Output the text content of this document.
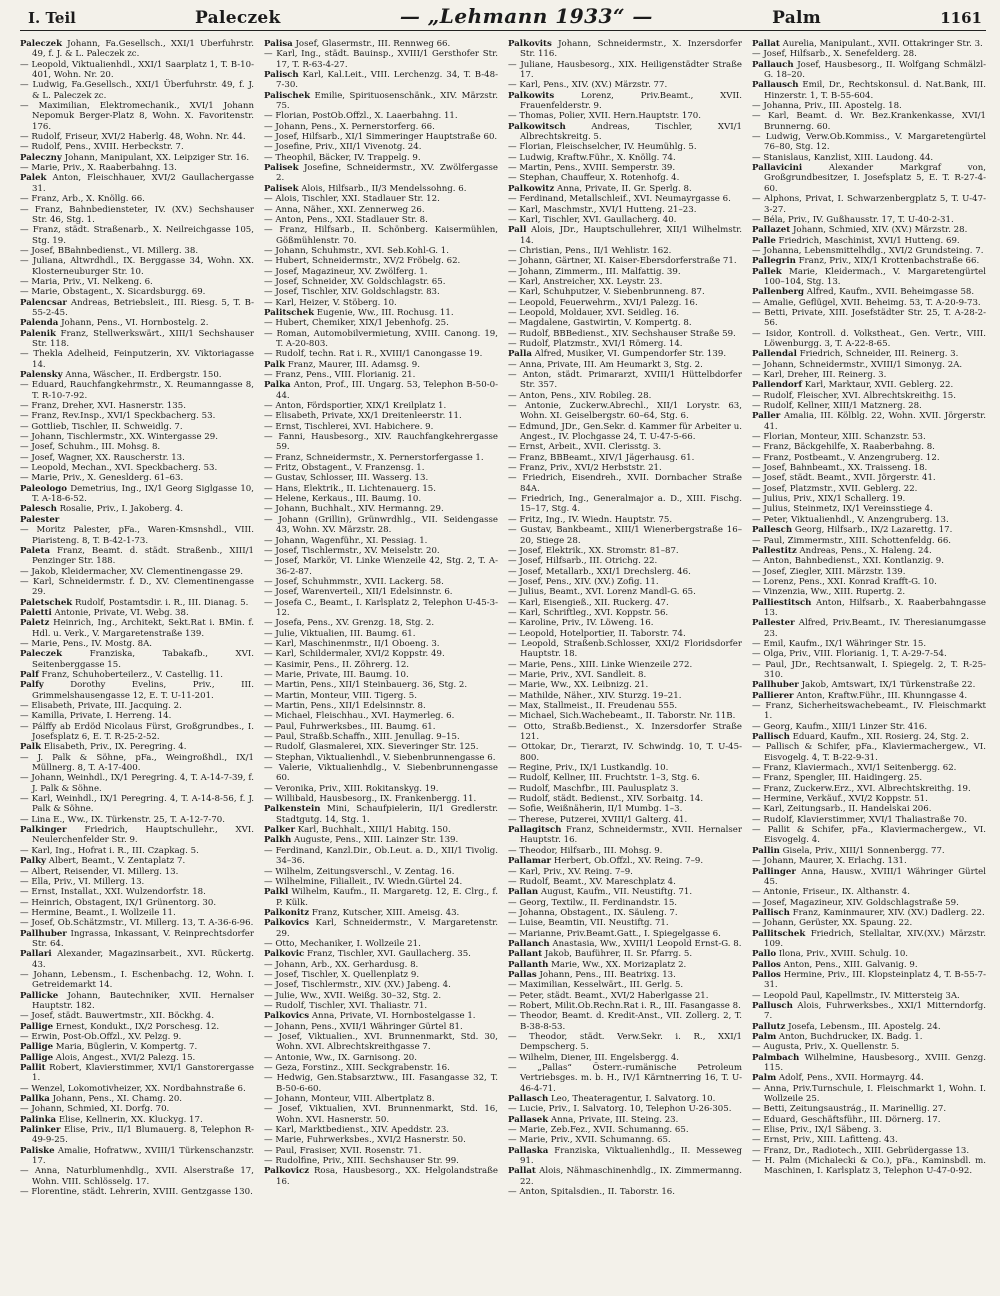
I. Teil	Paleczek	— „Lehmann 1933“ —	Palm	1161

Paleczek Johann, Fa.Gesellsch., XXI/1 Überfuhrstr. 49, f. J. & L. Paleczek zc.

— Leopold, Viktualienhdl., XXI/1 Saarplatz 1, T. B-10-401, Wohn. Nr. 20.

— Ludwig, Fa.Gesellsch., XXI/1 Überfuhrstr. 49, f. J. & L. Paleczek zc.

— Maximilian, Elektromechanik., XVI/1 Johann Nepomuk Berger-Platz 8, Wohn. X. Favoritenstr. 176.

— Rudolf, Friseur, XVI/2 Haberlg. 48, Wohn. Nr. 44.

— Rudolf, Pens., XVIII. Herbeckstr. 7.

Paleczny Johann, Manipulant, XX. Leipziger Str. 16.

— Marie, Priv., X. Raaberbahng. 13.

Palek Anton, Fleischhauer, XVI/2 Gaullachergasse 31.

— Franz, Arb., X. Knöllg. 66.

— Franz, Bahnbediensteter, IV. (XV.) Sechshauser Str. 46, Stg. 1.

— Franz, städt. Straßenarb., X. Neilreichgasse 105, Stg. 19.

— Josef, BBahnbedienst., VI. Millerg. 38.

— Juliana, Altwrdhdl., IX. Berggasse 34, Wohn. XX. Klosterneuburger Str. 10.

— Maria, Priv., VI. Nelkeng. 6.

— Marie, Obstagent., X. Sicardsburgg. 69.

Palencsar Andreas, Betriebsleit., III. Riesg. 5, T. B-55-2-45.

Palenda Johann, Pens., VI. Hornbostelg. 2.

Palenik Franz, Stellwerkswärt., XIII/1 Sechshauser Str. 118.

— Thekla Adelheid, Feinputzerin, XV. Viktoriagasse 14.

Palensky Anna, Wäscher., II. Erdbergstr. 150.

— Eduard, Rauchfangkehrmstr., X. Reumanngasse 8, T. R-10-7-92.

— Franz, Dreher, XVI. Hasnerstr. 135.

— Franz, Rev.Insp., XVI/1 Speckbacherg. 53.

— Gottlieb, Tischler, II. Schweidlg. 7.

— Johann, Tischlermstr., XX. Wintergasse 29.

— Josef, Schuhm., III. Mohsg. 8.

— Josef, Wagner, XX. Rauscherstr. 13.

— Leopold, Mechan., XVI. Speckbacherg. 53.

— Marie, Priv., X. Geneslderg. 61–63.

Paleologo Demetrius, Ing., IX/1 Georg Siglgasse 10, T. A-18-6-52.

Palesch Rosalie, Priv., I. Jakoberg. 4.

Palester

— Moritz Palester, pFa., Waren-Kmsnshdl., VIII. Piaristeng. 8, T. B-42-1-73.

Paleta Franz, Beamt. d. städt. Straßenb., XIII/1 Penzinger Str. 188.

— Jakob, Kleidermacher, XV. Clementinengasse 29.

— Karl, Schneidermstr. f. D., XV. Clementinengasse 29.

Paletschek Rudolf, Postamtsdir. i. R., III. Dianag. 5.

Paletti Antonie, Private, VI. Webg. 38.

Paletz Heinrich, Ing., Architekt, Sekt.Rat i. BMin. f. Hdl. u. Verk., V. Margaretenstraße 139.

— Marie, Pens., IV. Mostg. 8A.

Paleczek Franziska, Tabakafb., XVI. Seitenberggasse 15.

Palf Franz, Schuhoberteilerz., V. Castellig. 11.

Palfy Dorothy Evelins, Priv., III. Grimmelshausengasse 12, E. T. U-11-201.

— Elisabeth, Private, III. Jacquing. 2.

— Kamilla, Private, I. Herreng. 14.

— Pálffy ab Erdöd Nicolaus Fürst, Großgrundbes., I. Josefsplatz 6, E. T. R-25-2-52.

Palk Elisabeth, Priv., IX. Peregring. 4.

— J. Palk & Söhne, pFa., Weingroßhdl., IX/1 Müllnerg. 8, T. A-17-400.

— Johann, Weinhdl., IX/1 Peregring. 4, T. A-14-7-39, f. J. Palk & Söhne.

— Karl, Weinhdl., IX/1 Peregring. 4, T. A-14-8-56, f. J. Palk & Söhne.

— Lina E., Ww., IX. Türkenstr. 25, T. A-12-7-70.

Palkinger Friedrich, Hauptschullehr., XVI. Neulerchenfelder Str. 9.

— Karl, Ing., Hofrat i. R., III. Czapkag. 5.

Palky Albert, Beamt., V. Zentaplatz 7.

— Albert, Reisender, VI. Millerg. 13.

— Ella, Priv., VI. Millerg. 13.

— Ernst, Installat., XXI. Wulzendorfstr. 18.

— Heinrich, Obstagent, IX/1 Grünentorg. 30.

— Hermine, Beamt., I. Wollzeile 11.

— Josef, Ob.Schätzmstr., VI. Millerg. 13, T. A-36-6-96.

Pallhuber Ingrassa, Inkassant, V. Reinprechtsdorfer Str. 64.

Pallari Alexander, Magazinsarbeit., XVI. Rückertg. 43.

— Johann, Lebensm., I. Eschenbachg. 12, Wohn. I. Getreidemarkt 14.

Pallicke Johann, Bautechniker, XVII. Hernalser Hauptstr. 182.

— Josef, städt. Bauwertmstr., XII. Böckhg. 4.

Pallige Ernest, Kondukt., IX/2 Porschesg. 12.

— Erwin, Post-Ob.Offzl., XV. Pelzg. 9.

Pallige Maria, Büglerin, V. Kompertg. 7.

Pallige Alois, Angest., XVI/2 Palezg. 15.

Pallit Robert, Klavierstimmer, XVI/1 Ganstorergasse 1.

— Wenzel, Lokomotivheizer, XX. Nordbahnstraße 6.

Pallka Johann, Pens., XI. Chamg. 20.

— Johann, Schmied, XI. Dorfg. 70.

Palinka Elise, Kellnerin, XX. Kluckyg. 17.

Palinker Elise, Priv., II/1 Blumauerg. 8, Telephon R-49-9-25.

Paliske Amalie, Hofratww., XVIII/1 Türkenschanzstr. 17.

— Anna, Naturblumenhdlg., XVII. Alserstraße 17, Wohn. VIII. Schlösselg. 17.

— Florentine, städt. Lehrerin, XVIII. Gentzgasse 130.

Palisa Josef, Glasermstr., III. Rennweg 66.

— Karl, Ing., städt. Bauinsp., XVIII/1 Gersthofer Str. 17, T. R-63-4-27.

Palisch Karl, Kal.Leit., VIII. Lerchenzg. 34, T. B-48-7-30.

Palischek Emilie, Spirituosenschänk., XIV. Märzstr. 75.

— Florian, PostOb.Offzl., X. Laaerbahng. 11.

— Johann, Pens., X. Pernerstorferg. 66.

— Josef, Hilfsarb., XI/1 Simmeringer Hauptstraße 60.

— Josefine, Priv., XII/1 Vivenotg. 24.

— Theophil, Bäcker, IV. Trappelg. 9.

Palisek Josefine, Schneidermstr., XV. Zwölfergasse 2.

Palisek Alois, Hilfsarb., II/3 Mendelssohng. 6.

— Alois, Tischler, XXI. Stadlauer Str. 12.

— Anna, Näher., XXI. Zennerweg 26.

— Anton, Pens., XXI. Stadlauer Str. 8.

— Franz, Hilfsarb., II. Schönberg. Kaisermühlen, Gößmühlenstr. 70.

— Johann, Schuhmstr., XVI. Seb.Kohl-G. 1.

— Hubert, Schneidermstr., XV/2 Fröbelg. 62.

— Josef, Magazineur, XV. Zwölferg. 1.

— Josef, Schneider, XV. Goldschlagstr. 65.

— Josef, Tischler, XIV. Goldschlagstr. 83.

— Karl, Heizer, V. Stöberg. 10.

Palitschek Eugenie, Ww., III. Rochusg. 11.

— Hubert, Chemiker, XIX/1 Jebenhofg. 25.

— Roman, Automobilvermietung, XVIII. Canong. 19, T. A-20-803.

— Rudolf, techn. Rat i. R., XVIII/1 Canongasse 19.

Palk Franz, Maurer, III. Adamsg. 9.

— Franz, Pens., VIII. Florianig. 21.

Palka Anton, Prof., III. Ungarg. 53, Telephon B-50-0-44.

— Anton, Fördsportier, XIX/1 Kreilplatz 1.

— Elisabeth, Private, XX/1 Dreitenleerstr. 11.

— Ernst, Tischlerei, XVI. Habichere. 9.

— Fanni, Hausbesorg., XIV. Rauchfangkehrergasse 59.

— Franz, Schneidermstr., X. Pernerstorfergasse 1.

— Fritz, Obstagent., V. Franzensg. 1.

— Gustav, Schlosser, III. Wasserg. 13.

— Hans, Elektrik., II. Lichtenauerg. 15.

— Helene, Kerkaus., III. Baumg. 10.

— Johann, Buchhalt., XIV. Hermanng. 29.

— Johann (Grillin), Grünwrdhlg., VII. Seidengasse 43, Wohn. XV. Märzstr. 28.

— Johann, Wagenführ., XI. Pessiag. 1.

— Josef, Tischlermstr., XV. Meiselstr. 20.

— Josef, Markör, VI. Linke Wienzeile 42, Stg. 2, T. A-36-2-87.

— Josef, Schuhmmstr., XVII. Lackerg. 58.

— Josef, Warenverteil., XII/1 Edelsinnstr. 6.

— Josefa C., Beamt., I. Karlsplatz 2, Telephon U-45-3-12.

— Josefa, Pens., XV. Grenzg. 18, Stg. 2.

— Julie, Viktualien, III. Baumg. 61.

— Karl, Maschinenmstr., II/1 Oboeng. 3.

— Karl, Schildermaler, XVI/2 Koppstr. 49.

— Kasimir, Pens., II. Zöhrerg. 12.

— Marie, Private, III. Baumg. 10.

— Martin, Pens., XII/1 Steinbauerg. 36, Stg. 2.

— Martin, Monteur, VIII. Tigerg. 5.

— Martin, Pens., XII/1 Edelsinnstr. 8.

— Michael, Fleischhau., XVI. Haymerleg. 6.

— Paul, Fuhrwerksbes., III. Baumg. 61.

— Paul, Straßb.Schaffn., XIII. Jenullag. 9–15.

— Rudolf, Glasmalerei, XIX. Sieveringer Str. 125.

— Stephan, Viktualienhdl., V. Siebenbrunnengasse 6.

— Valerie, Viktualienhdlg., V. Siebenbrunnengasse 60.

— Veronika, Priv., XIII. Rokitanskyg. 19.

— Willibald, Hausbesorg., IX. Frankenbergg. 11.

Palkenstein Mini, Schaufpielerin, II/1 Gredlerstr. Stadtgutg. 14, Stg. 1.

Palker Karl, Buchhalt., XIII/1 Habitg. 150.

Palkh Auguste, Pens., XIII. Lainzer Str. 139.

— Ferdinand, Kanzl.Dir., Ob.Leut. a. D., XII/1 Tivolig. 34–36.

— Wilhelm, Zeitungsverschl., V. Zentag. 16.

— Wilhelmine, Filialleit., IV. Wiedn.Gürtel 24.

Palkl Wilhelm, Kaufm., II. Margaretg. 12, E. Clrg., f. P. Külk.

Palkonitz Franz, Kutscher, XIII. Ameisg. 43.

Palkovics Karl, Schneidermstr., V. Margaretenstr. 29.

— Otto, Mechaniker, I. Wollzeile 21.

Palkovic Franz, Tischler, XVI. Gaullacherg. 35.

— Johann, Arb., XX. Gerhardusg. 8.

— Josef, Tischler, X. Quellenplatz 9.

— Josef, Tischlermstr., XIV. (XV.) Jabeng. 4.

— Julie, Ww., XVII. Weißg. 30–32, Stg. 2.

— Rudolf, Tischler, XVI. Thaliastr. 71.

Palkovics Anna, Private, VI. Hornbostelgasse 1.

— Johann, Pens., XVII/1 Währinger Gürtel 81.

— Josef, Viktualien., XVI. Brunnenmarkt, Std. 30, Wohn. XVI. Albrechtskreithgasse 7.

— Antonie, Ww., IX. Garnisong. 20.

— Geza, Forstinz., XIII. Seckgrabenstr. 16.

— Hedwig, Gen.Stabsarztww., III. Fasangasse 32, T. B-50-6-60.

— Johann, Monteur, VIII. Albertplatz 8.

— Josef, Viktualien, XVI. Brunnenmarkt, Std. 16, Wohn. XVI. Hasnerstr. 50.

— Karl, Marktbedienst., XIV. Apeddstr. 23.

— Marie, Fuhrwerksbes., XVI/2 Hasnerstr. 50.

— Paul, Frasiser, XVII. Rosenstr. 71.

— Rudolfine, Priv., XIII. Sechshauser Str. 99.

Palkovicz Rosa, Hausbesorg., XX. Helgolandstraße 16.

Palkovits Johann, Schneidermstr., X. Inzersdorfer Str. 116.

— Juliane, Hausbesorg., XIX. Heiligenstädter Straße 17.

— Karl, Pens., XIV. (XV.) Märzstr. 77.

Palkowits Lorenz, Priv.Beamt., XVII. Frauenfelderstr. 9.

— Thomas, Polier, XVII. Hern.Hauptstr. 170.

Palkowitsch Andreas, Tischler, XVI/1 Albrechtskreitg. 5.

— Florian, Fleischselcher, IV. Heumühlg. 5.

— Ludwig, Kraftw.Führ., X. Knöllg. 74.

— Martin, Pens., XVIII. Semperstr. 39.

— Stephan, Chauffeur, X. Rotenhofg. 4.

Palkowitz Anna, Private, II. Gr. Sperlg. 8.

— Ferdinand, Metallschleif., XVI. Neumayrgasse 6.

— Karl, Maschmstr., XVI/1 Hutteng. 21–23.

— Karl, Tischler, XVI. Gaullacherg. 40.

Pall Alois, JDr., Hauptschullehrer, XII/1 Wilhelmstr. 14.

— Christian, Pens., II/1 Wehlistr. 162.

— Johann, Gärtner, XI. Kaiser-Ebersdorferstraße 71.

— Johann, Zimmerm., III. Malfattig. 39.

— Karl, Anstreicher, XX. Leystr. 23.

— Karl, Schuhputzer, V. Siebenbrunneng. 87.

— Leopold, Feuerwehrm., XVI/1 Palezg. 16.

— Leopold, Moldauer, XVI. Seidleg. 16.

— Magdalene, Gastwirtin, V. Kompertg. 8.

— Rudolf, BBBedienst., XIV. Sechshauser Straße 59.

— Rudolf, Platzmstr., XVI/1 Römerg. 14.

Palla Alfred, Musiker, VI. Gumpendorfer Str. 139.

— Anna, Private, III. Am Heumarkt 3, Stg. 2.

— Anton, städt. Primararzt, XVIII/1 Hüttelbdorfer Str. 357.

— Anton, Pens., XIV. Robileg. 28.

— Antonie, Zuckerw.Abrechl., XII/1 Lorystr. 63, Wohn. XI. Geiselbergstr. 60–64, Stg. 6.

— Edmund, JDr., Gen.Sekr. d. Kammer für Arbeiter u. Angest., IV. Plochgasse 24, T. U-47-5-66.

— Ernst, Arbeit., XVII. Clerisstg. 3.

— Franz, BBBeamt., XIV/1 Jägerhausg. 61.

— Franz, Priv., XVI/2 Herbststr. 21.

— Friedrich, Eisendreh., XVII. Dornbacher Straße 84A.

— Friedrich, Ing., Generalmajor a. D., XIII. Fischg. 15–17, Stg. 4.

— Fritz, Ing., IV. Wiedn. Hauptstr. 75.

— Gustav, Bankbeamt., XIII/1 Wienerbergstraße 16–20, Stiege 28.

— Josef, Elektrik., XX. Stromstr. 81–87.

— Josef, Hilfsarb., III. Otrichg. 22.

— Josef, Metallarb., XXI/1 Drechslerg. 46.

— Josef, Pens., XIV. (XV.) Zofig. 11.

— Julius, Beamt., XVI. Lorenz Mandl-G. 65.

— Karl, Eisengieß., XII. Ruckerg. 47.

— Karl, Schriftleg., XVI. Koppstr. 56.

— Karoline, Priv., IV. Löweng. 16.

— Leopold, Hotelportier, II. Taborstr. 74.

— Leopold, Straßenb.Schlosser, XXI/2 Floridsdorfer Hauptstr. 18.

— Marie, Pens., XIII. Linke Wienzeile 272.

— Marie, Priv., XVI. Sandleit. 8.

— Marie, Ww., XX. Leibnizg. 21.

— Mathilde, Näher., XIV. Sturzg. 19–21.

— Max, Stallmeist., II. Freudenau 555.

— Michael, Sich.Wachebeamt., II. Taborstr. Nr. 11B.

— Otto, Straßb.Bedienst., X. Inzersdorfer Straße 121.

— Ottokar, Dr., Tierarzt, IV. Schwindg. 10, T. U-45-800.

— Regine, Priv., IX/1 Lustkandlg. 10.

— Rudolf, Kellner, III. Fruchtstr. 1–3, Stg. 6.

— Rudolf, Maschfbr., III. Paulusplatz 3.

— Rudolf, städt. Bedienst., XIV. Sorbaitg. 14.

— Sofie, Weißnäherin, II/1 Mumbg. 1–3.

— Therese, Putzerei, XVIII/1 Galterg. 41.

Pallagitsch Franz, Schneidermstr., XVII. Hernalser Hauptstr. 16.

— Theodor, Hilfsarb., III. Mohsg. 9.

Pallamar Herbert, Ob.Offzl., XV. Reing. 7–9.

— Karl, Priv., XV. Reing. 7–9.

— Rudolf, Beamt., XV. Mareschplatz 4.

Pallan August, Kaufm., VII. Neustiftg. 71.

— Georg, Textilw., II. Ferdinandstr. 15.

— Johanna, Obstagent., IX. Säuleng. 7.

— Luise, Beamtin, VII. Neustiftg. 71.

— Marianne, Priv.Beamt.Gatt., I. Spiegelgasse 6.

Pallanch Anastasia, Ww., XVIII/1 Leopold Ernst-G. 8.

Pallant Jakob, Bauführer, II. Sr. Pfarrg. 5.

Pallanth Marie, Ww., XX. Morizaplatz 2.

Pallas Johann, Pens., III. Beatrixg. 13.

— Maximilian, Kesselwärt., III. Gerlg. 5.

— Peter, städt. Beamt., XVI/2 Haberlgasse 21.

— Robert, Milit.Ob.Rechn.Rat i. R., III. Fasangasse 8.

— Theodor, Beamt. d. Kredit-Anst., VII. Zollerg. 2, T. B-38-8-53.

— Theodor, städt. Verw.Sekr. i. R., XXI/1 Dempscherg. 5.

— Wilhelm, Diener, III. Engelsbergg. 4.

— „Pallas“ Österr.-rumänische Petroleum Vertriebsges. m. b. H., IV/1 Kärntnerring 16, T. U-46-4-71.

Pallasch Leo, Theateragentur, I. Salvatorg. 10.

— Lucie, Priv., I. Salvatorg. 10, Telephon U-26-305.

Pallasek Anna, Private, III. Steing. 23.

— Marie, Zeb.Fez., XVII. Schumanng. 65.

— Marie, Priv., XVII. Schumanng. 65.

Pallaska Franziska, Viktualienhdlg., II. Messeweg 91.

Pallat Alois, Nähmaschinenhdlg., IX. Zimmermanng. 22.

— Anton, Spitalsdien., II. Taborstr. 16.

Pallat Aurelia, Manipulant., XVII. Ottakringer Str. 3.

— Josef, Hilfsarb., X. Senefelderg. 28.

Pallauch Josef, Hausbesorg., II. Wolfgang Schmälzl-G. 18–20.

Pallausch Emil, Dr., Rechtskonsul. d. Nat.Bank, III. Hinzerstr. 1, T. B-55-604.

— Johanna, Priv., III. Apostelg. 18.

— Karl, Beamt. d. Wr. Bez.Krankenkasse, XVI/1 Brunnerng. 60.

— Ludwig, Verw.Ob.Kommiss., V. Margaretengürtel 76–80, Stg. 12.

— Stanislaus, Kanzlist, XIII. Laudong. 44.

Pallavicini Alexander Markgraf von, Großgrundbesitzer, I. Josefsplatz 5, E. T. R-27-4-60.

— Alphons, Privat, I. Schwarzenbergplatz 5, T. U-47-3-27.

— Béla, Priv., IV. Gußhausstr. 17, T. U-40-2-31.

Pallazet Johann, Schmied, XIV. (XV.) Märzstr. 28.

Palle Friedrich, Maschinist, XVI/1 Hutteng. 69.

— Johanna, Lebensmittelhdlg., XVI/2 Grundsteing. 7.

Pallegrin Franz, Priv., XIX/1 Krottenbachstraße 66.

Pallek Marie, Kleidermach., V. Margaretengürtel 100–104, Stg. 13.

Pallenberg Alfred, Kaufm., XVII. Beheimgasse 58.

— Amalie, Geflügel, XVII. Beheimg. 53, T. A-20-9-73.

— Betti, Private, XIII. Josefstädter Str. 25, T. A-28-2-56.

— Isidor, Kontroll. d. Volkstheat., Gen. Vertr., VIII. Löwenburgg. 3, T. A-22-8-65.

Pallendal Friedrich, Schneider, III. Reinerg. 3.

— Johann, Schneidermstr., XVIII/1 Simonyg. 2A.

— Karl, Dreher, III. Reinerg. 3.

Pallendorf Karl, Marktaur, XVII. Geblerg. 22.

— Rudolf, Fleischer, XVI. Albrechtskreithg. 15.

— Rudolf, Kellner, XIII/1 Matznerg. 28.

Paller Amalia, III. Kölblg. 22, Wohn. XVII. Jörgerstr. 41.

— Florian, Monteur, XIII. Schanzstr. 53.

— Franz, Bäckgehilfe, X. Raaberbahng. 8.

— Franz, Postbeamt., V. Anzengruberg. 12.

— Josef, Bahnbeamt., XX. Traisseng. 18.

— Josef, städt. Beamt., XVII. Jörgerstr. 41.

— Josef, Platzmstr., XVII. Geblerg. 22.

— Julius, Priv., XIX/1 Schallerg. 19.

— Julius, Steinmetz, IX/1 Vereinsstiege 4.

— Peter, Viktualienhdl., V. Anzengruberg. 13.

Pallesch Georg, Hilfsarb., IX/2 Lazarettg. 17.

— Paul, Zimmermstr., XIII. Schottenfeldg. 66.

Pallestitz Andreas, Pens., X. Haleng. 24.

— Anton, Bahnbedienst., XXI. Kontlanzig. 9.

— Josef, Ziegler, XIII. Märzstr. 139.

— Lorenz, Pens., XXI. Konrad Krafft-G. 10.

— Vinzenzia, Ww., XIII. Rupertg. 2.

Palliestitsch Anton, Hilfsarb., X. Raaberbahngasse 13.

Pallester Alfred, Priv.Beamt., IV. Theresianumgasse 23.

— Emil, Kaufm., IX/1 Währinger Str. 15.

— Olga, Priv., VIII. Florianig. 1, T. A-29-7-54.

— Paul, JDr., Rechtsanwalt, I. Spiegelg. 2, T. R-25-310.

Pallhuber Jakob, Amtswart, IX/1 Türkenstraße 22.

Pallierer Anton, Kraftw.Führ., III. Khunngasse 4.

— Franz, Sicherheitswachebeamt., IV. Fleischmarkt 1.

— Georg, Kaufm., XIII/1 Linzer Str. 416.

Pallisch Eduard, Kaufm., XII. Rosierg. 24, Stg. 2.

— Pallisch & Schifer, pFa., Klaviermachergew., VI. Eisvogelg. 4, T. B-22-9-31.

— Franz, Klaviermach., XVI/1 Seitenbergg. 62.

— Franz, Spengler, III. Haidingerg. 25.

— Franz, Zuckerw.Erz., XVI. Albrechtskreithg. 19.

— Hermine, Verkäuf., XVI/2 Koppstr. 51.

— Karl, Zeitungsarb., II. Handelskai 206.

— Rudolf, Klavierstimmer, XVI/1 Thaliastraße 70.

— Pallit & Schifer, pFa., Klaviermachergew., VI. Eisvogelg. 4.

Pallin Gisela, Priv., XIII/1 Sonnenbergg. 77.

— Johann, Maurer, X. Erlachg. 131.

Pallinger Anna, Hausw., XVIII/1 Währinger Gürtel 45.

— Antonie, Friseur., IX. Althanstr. 4.

— Josef, Magazineur, XIV. Goldschlagstraße 59.

Pallisch Franz, Kaminmaurer, XIV. (XV.) Dadlerg. 22.

— Johann, Gerüster, XX. Spaung. 22.

Pallitschek Friedrich, Stellaltar, XIV.(XV.) Märzstr. 109.

Pallo Ilona, Priv., XVIII. Schulg. 10.

Pallos Anton, Pens., XIII. Galvanig. 9.

Pallos Hermine, Priv., III. Klopsteinplatz 4, T. B-55-7-31.

— Leopold Paul, Kapellmstr., IV. Mittersteig 3A.

Pallusch Alois, Fuhrwerksbes., XXI/1 Mitterndorfg. 7.

Pallutz Josefa, Lebensm., III. Apostelg. 24.

Palm Anton, Buchdrucker, IX. Badg. 1.

— Augusta, Priv., X. Quellenstr. 5.

Palmbach Wilhelmine, Hausbesorg., XVIII. Genzg. 115.

Palm Adolf, Pens., XVII. Hormayrg. 44.

— Anna, Priv.Turnschule, I. Fleischmarkt 1, Wohn. I. Wollzeile 25.

— Betti, Zeitungsaustrág., II. Marinellig. 27.

— Eduard, Geschäftsführ., III. Dörnerg. 17.

— Elise, Priv., IX/1 Säbeng. 3.

— Ernst, Priv., XIII. Lafitteng. 43.

— Franz, Dr., Radiotech., XIII. Gebrüdergasse 13.

— H. Palm (Michalecki & Co.), pFa., Kaminsbdl. m. Maschinen, I. Karlsplatz 3, Telephon U-47-0-92.
